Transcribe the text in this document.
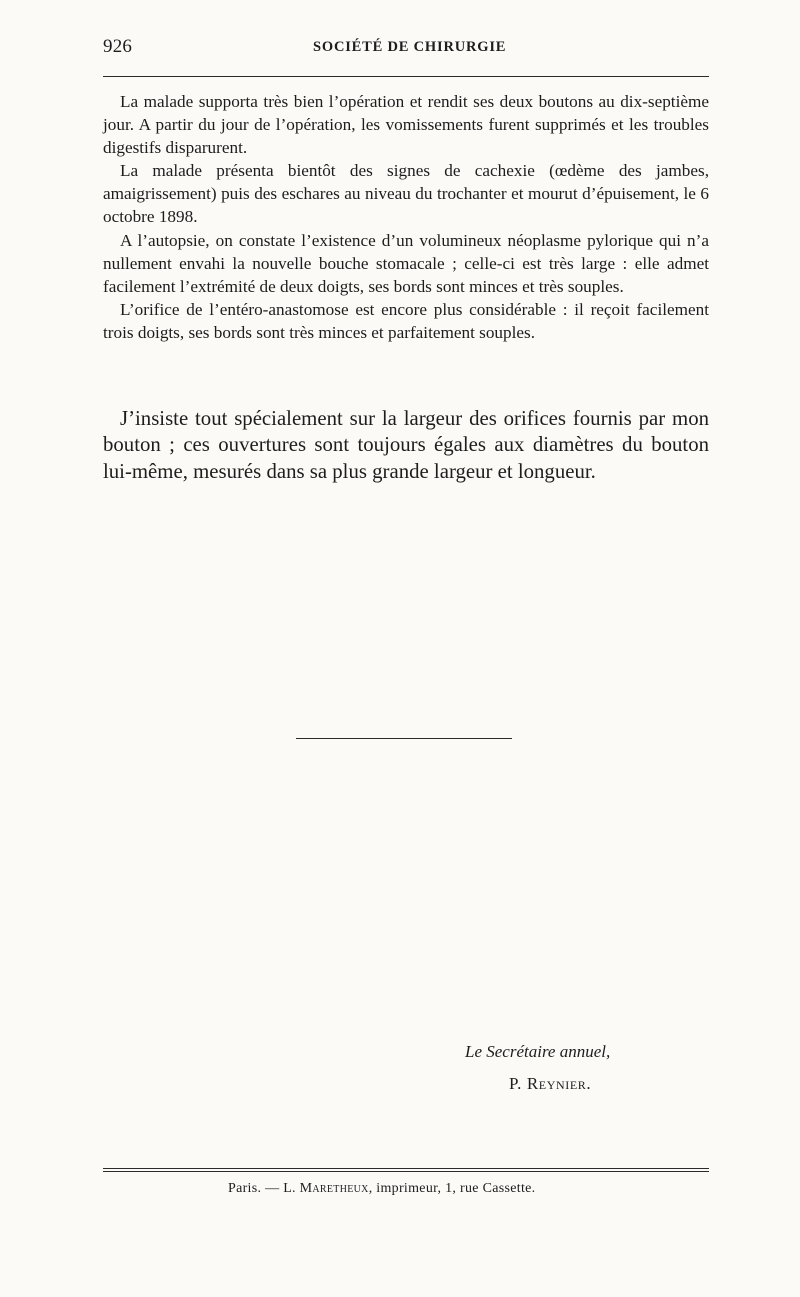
926	SOCIÉTÉ DE CHIRURGIE

La malade supporta très bien l’opération et rendit ses deux boutons au dix-septième jour. A partir du jour de l’opération, les vomissements furent supprimés et les troubles digestifs disparurent.

La malade présenta bientôt des signes de cachexie (œdème des jambes, amaigrissement) puis des eschares au niveau du trochanter et mourut d’épuisement, le 6 octobre 1898.

A l’autopsie, on constate l’existence d’un volumineux néoplasme pylorique qui n’a nullement envahi la nouvelle bouche stomacale ; celle-ci est très large : elle admet facilement l’extrémité de deux doigts, ses bords sont minces et très souples.

L’orifice de l’entéro-anastomose est encore plus considérable : il reçoit facilement trois doigts, ses bords sont très minces et parfaitement souples.

J’insiste tout spécialement sur la largeur des orifices fournis par mon bouton ; ces ouvertures sont toujours égales aux diamètres du bouton lui-même, mesurés dans sa plus grande largeur et longueur.

Le Secrétaire annuel,
P. Reynier.
Paris. — L. Maretheux, imprimeur, 1, rue Cassette.
